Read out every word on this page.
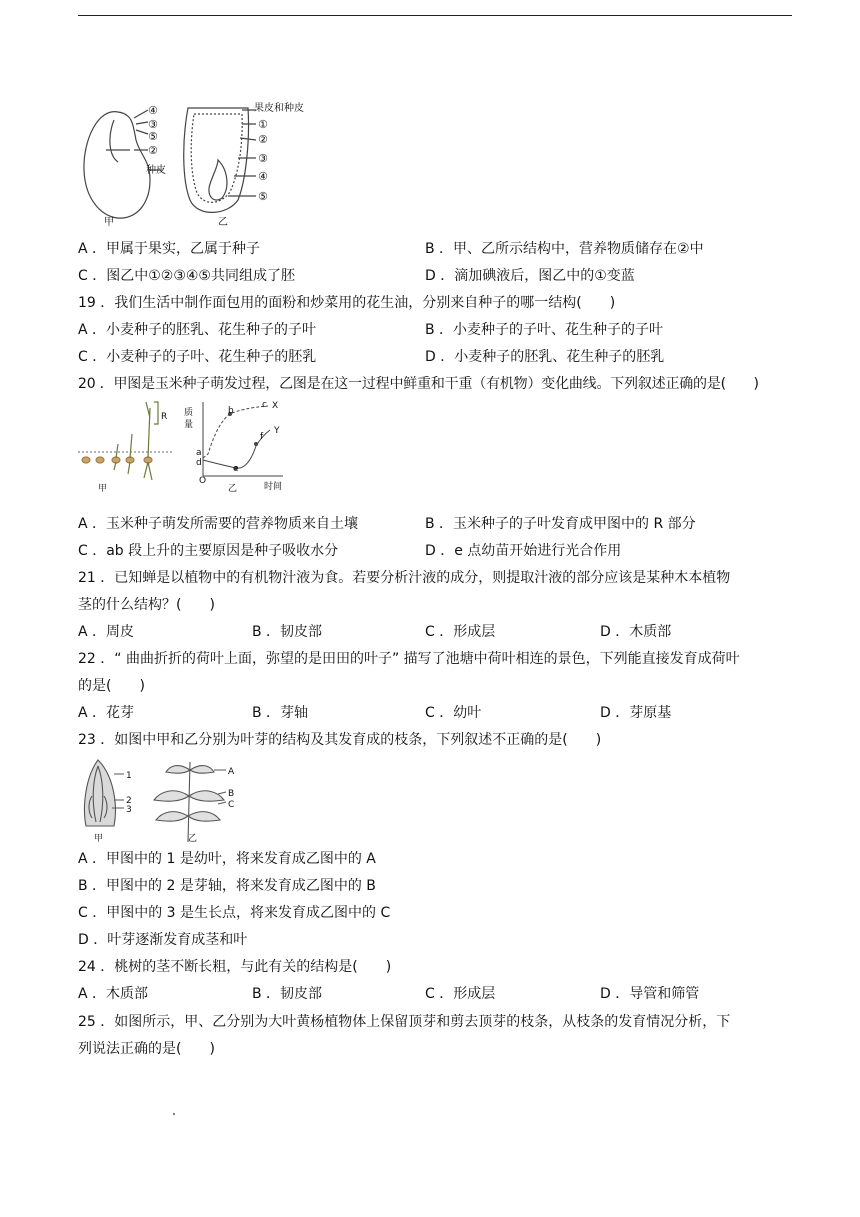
种皮
果皮和种皮
④
③
⑤
②
①
②
③
④
⑤
甲	乙
A ．甲属于果实，乙属于种子	B ．甲、乙所示结构中，营养物质储存在②中
C ．图乙中①②③④⑤共同组成了胚	D ．滴加碘液后，图乙中的①变蓝
19 ．我们生活中制作面包用的面粉和炒菜用的花生油，分别来自种子的哪一结构(　　)
A ．小麦种子的胚乳、花生种子的子叶	B ．小麦种子的子叶、花生种子的子叶
C ．小麦种子的子叶、花生种子的胚乳	D ．小麦种子的胚乳、花生种子的胚乳
20 ．甲图是玉米种子萌发过程，乙图是在这一过程中鲜重和干重（有机物）变化曲线。下列叙述正确的是(　　)
R 质
量
a
d
b
c X
e
f
Y
O
时间
甲	乙
A ．玉米种子萌发所需要的营养物质来自土壤	B ．玉米种子的子叶发育成甲图中的 R 部分
C ．ab 段上升的主要原因是种子吸收水分	D ．e 点幼苗开始进行光合作用
21 ．已知蝉是以植物中的有机物汁液为食。若要分析汁液的成分，则提取汁液的部分应该是某种木本植物
茎的什么结构？(　　)
A ．周皮	B ．韧皮部	C ．形成层	D ．木质部
22 ．“ 曲曲折折的荷叶上面，弥望的是田田的叶子” 描写了池塘中荷叶相连的景色，下列能直接发育成荷叶
的是(　　)
A ．花芽	B ．芽轴	C ．幼叶	D ．芽原基
23 ．如图中甲和乙分别为叶芽的结构及其发育成的枝条，下列叙述不正确的是(　　)
1
2
3
A
B
C
甲	乙
A ．甲图中的 1 是幼叶，将来发育成乙图中的 A
B ．甲图中的 2 是芽轴，将来发育成乙图中的 B
C ．甲图中的 3 是生长点，将来发育成乙图中的 C
D ．叶芽逐渐发育成茎和叶
24 ．桃树的茎不断长粗，与此有关的结构是(　　)
A ．木质部	B ．韧皮部	C ．形成层	D ．导管和筛管
25 ．如图所示，甲、乙分别为大叶黄杨植物体上保留顶芽和剪去顶芽的枝条，从枝条的发育情况分析，下
列说法正确的是(　　)
